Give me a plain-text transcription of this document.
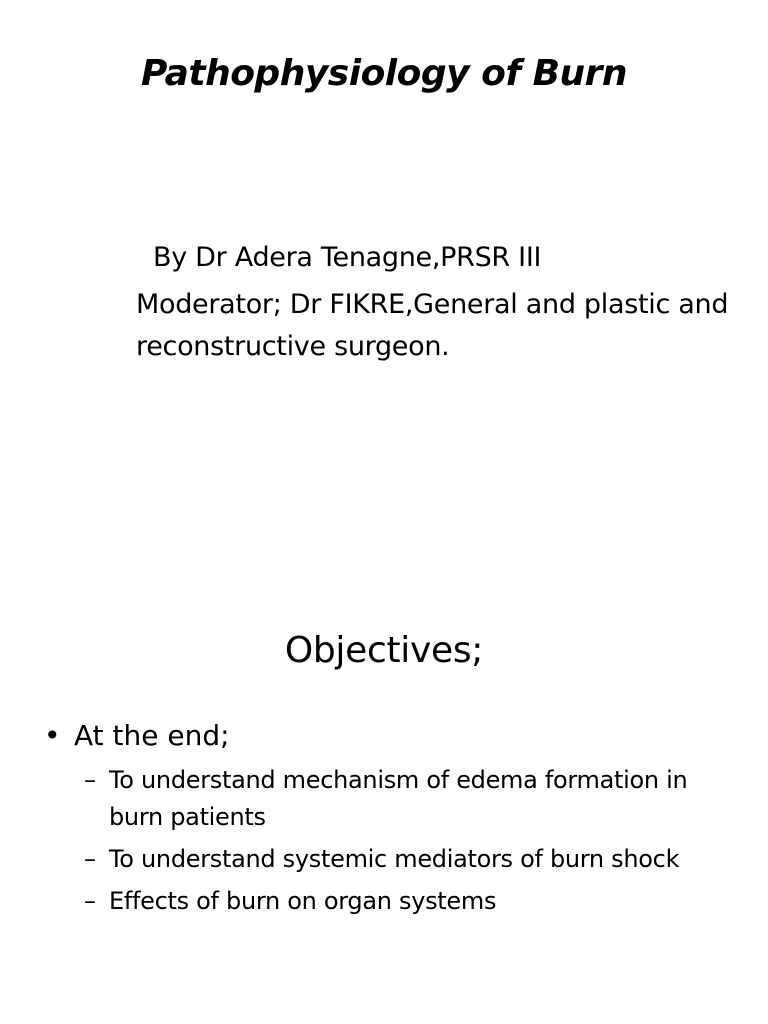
Pathophysiology of Burn
By Dr Adera Tenagne,PRSR III
Moderator; Dr FIKRE,General and plastic and reconstructive surgeon.
Objectives;
• At the end;
– To understand mechanism of edema formation in burn patients
– To understand systemic mediators of burn shock
– Effects of burn on organ systems
